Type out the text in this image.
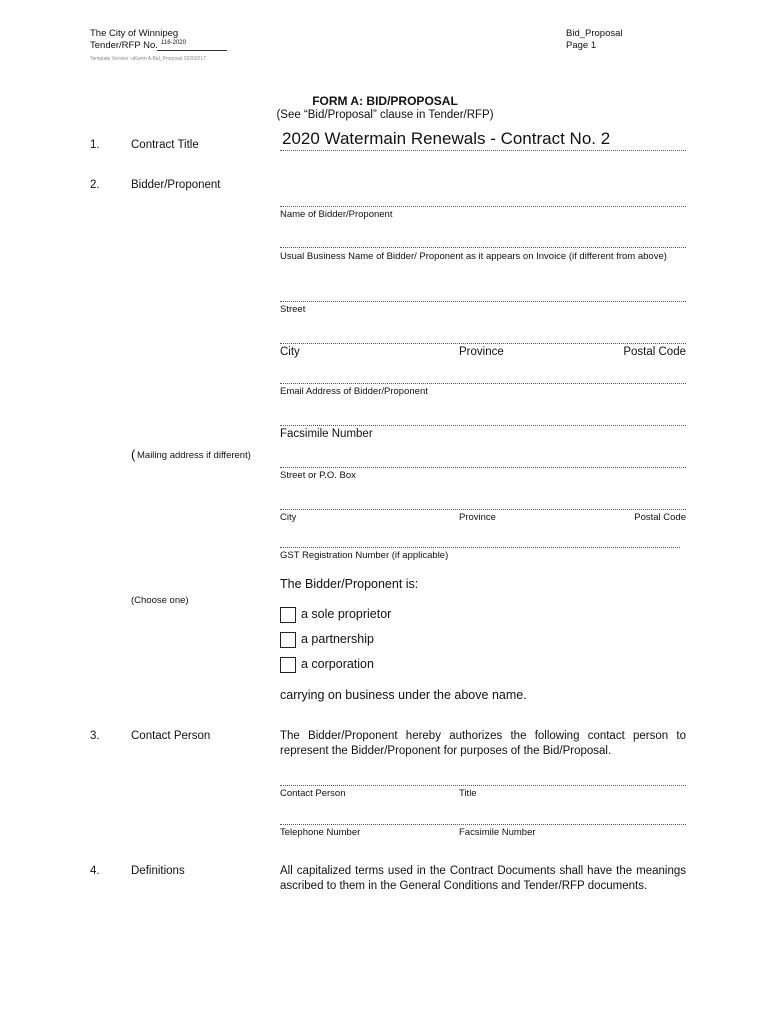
The City of Winnipeg
Tender/RFP No. 116-2020
Bid_Proposal
Page 1
Template Version: uKwrm A.Bid_Proposal 20200217
FORM A: BID/PROPOSAL
(See “Bid/Proposal” clause in Tender/RFP)
1.	Contract Title	2020 Watermain Renewals - Contract No. 2
2.	Bidder/Proponent
Name of Bidder/Proponent
Usual Business Name of Bidder/ Proponent as it appears on Invoice (if different from above)
Street
City	Province	Postal Code
Email Address of Bidder/Proponent
Facsimile Number
( Mailing address if different)
Street or P.O. Box
City	Province	Postal Code
GST Registration Number (if applicable)
The Bidder/Proponent is:
(Choose one)
a sole proprietor
a partnership
a corporation
carrying on business under the above name.
3.	Contact Person	The Bidder/Proponent hereby authorizes the following contact person to represent the Bidder/Proponent for purposes of the Bid/Proposal.
Contact Person	Title
Telephone Number	Facsimile Number
4.	Definitions	All capitalized terms used in the Contract Documents shall have the meanings ascribed to them in the General Conditions and Tender/RFP documents.
